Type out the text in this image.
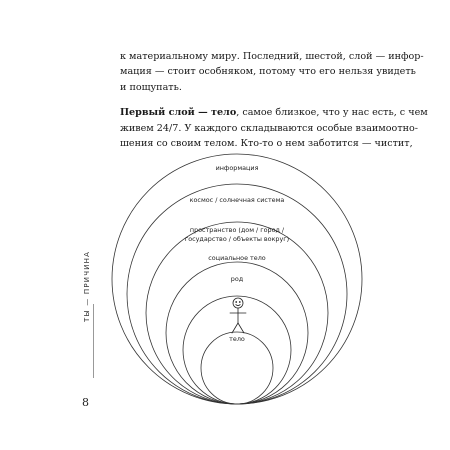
к материальному миру. Последний, шестой, слой — инфор-
мация — стоит особняком, потому что его нельзя увидеть
и пощупать.

Первый слой — тело, самое близкое, что у нас есть, с чем
живем 24/7. У каждого складываются особые взаимоотно-
шения со своим телом. Кто-то о нем заботится — чистит,

информация
космос / солнечная система
пространство (дом / город /
государство / объекты вокруг)
социальное тело
род
тело
ТЫ — ПРИЧИНА
8
